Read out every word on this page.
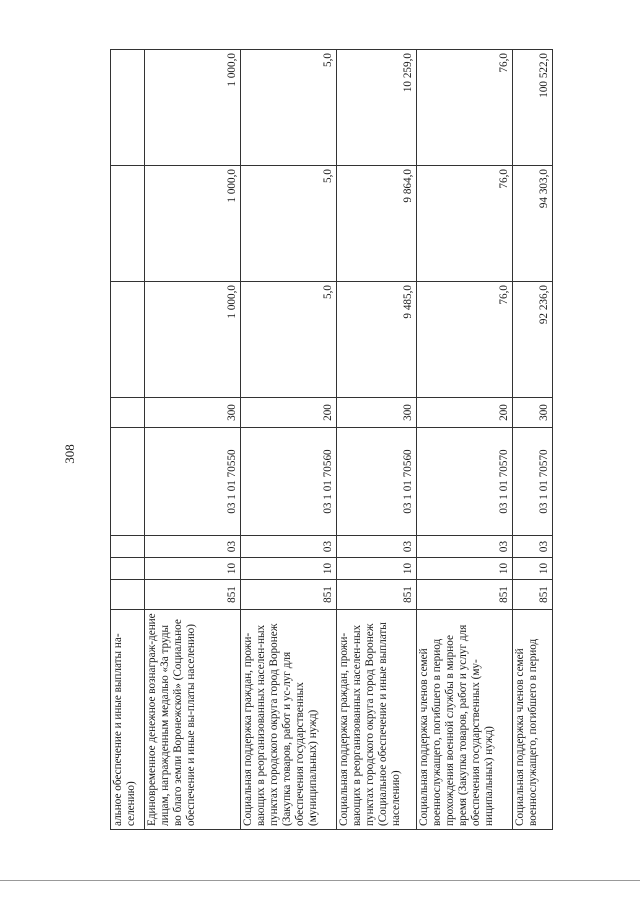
308
альное обеспечение и иные выплаты на-селению)								
Единовременное денежное вознаграж-дение лицам, награжденным медалью «За труды во благо земли Воронежской» (Социальное обеспечение и иные вы-платы населению)	851	10	03	03 1 01 70550	300	1 000,0	1 000,0	1 000,0
Социальная поддержка граждан, прожи-вающих в реорганизованных населен-ных пунктах городского округа город Воронеж (Закупка товаров, работ и ус-луг для обеспечения государственных (муниципальных) нужд)	851	10	03	03 1 01 70560	200	5,0	5,0	5,0
Социальная поддержка граждан, прожи-вающих в реорганизованных населен-ных пунктах городского округа город Воронеж (Социальное обеспечение и иные выплаты населению)	851	10	03	03 1 01 70560	300	9 485,0	9 864,0	10 259,0
Социальная поддержка членов семей военнослужащего, погибшего в период прохождения военной службы в мирное время (Закупка товаров, работ и услуг для обеспечения государственных (му-ниципальных) нужд)	851	10	03	03 1 01 70570	200	76,0	76,0	76,0
Социальная поддержка членов семей военнослужащего, погибшего в период	851	10	03	03 1 01 70570	300	92 236,0	94 303,0	100 522,0
